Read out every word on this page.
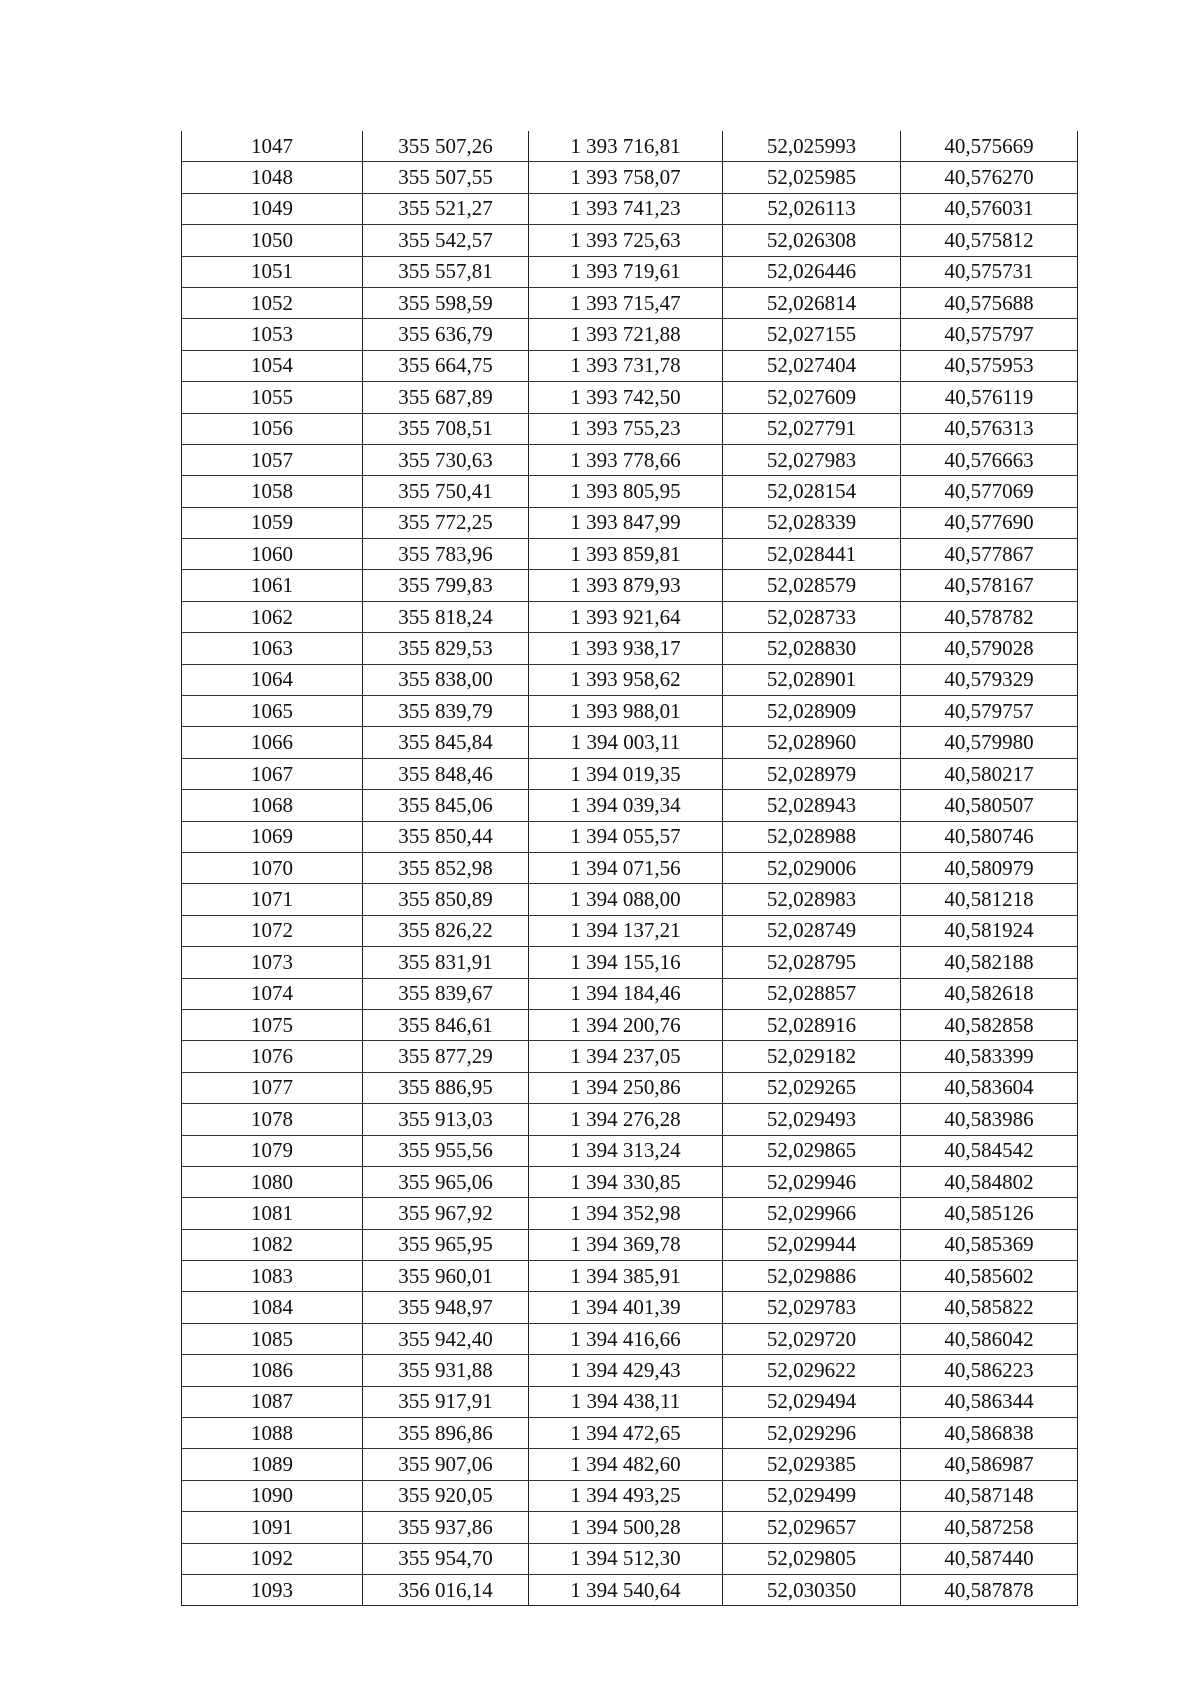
1047	355 507,26	1 393 716,81	52,025993	40,575669
1048	355 507,55	1 393 758,07	52,025985	40,576270
1049	355 521,27	1 393 741,23	52,026113	40,576031
1050	355 542,57	1 393 725,63	52,026308	40,575812
1051	355 557,81	1 393 719,61	52,026446	40,575731
1052	355 598,59	1 393 715,47	52,026814	40,575688
1053	355 636,79	1 393 721,88	52,027155	40,575797
1054	355 664,75	1 393 731,78	52,027404	40,575953
1055	355 687,89	1 393 742,50	52,027609	40,576119
1056	355 708,51	1 393 755,23	52,027791	40,576313
1057	355 730,63	1 393 778,66	52,027983	40,576663
1058	355 750,41	1 393 805,95	52,028154	40,577069
1059	355 772,25	1 393 847,99	52,028339	40,577690
1060	355 783,96	1 393 859,81	52,028441	40,577867
1061	355 799,83	1 393 879,93	52,028579	40,578167
1062	355 818,24	1 393 921,64	52,028733	40,578782
1063	355 829,53	1 393 938,17	52,028830	40,579028
1064	355 838,00	1 393 958,62	52,028901	40,579329
1065	355 839,79	1 393 988,01	52,028909	40,579757
1066	355 845,84	1 394 003,11	52,028960	40,579980
1067	355 848,46	1 394 019,35	52,028979	40,580217
1068	355 845,06	1 394 039,34	52,028943	40,580507
1069	355 850,44	1 394 055,57	52,028988	40,580746
1070	355 852,98	1 394 071,56	52,029006	40,580979
1071	355 850,89	1 394 088,00	52,028983	40,581218
1072	355 826,22	1 394 137,21	52,028749	40,581924
1073	355 831,91	1 394 155,16	52,028795	40,582188
1074	355 839,67	1 394 184,46	52,028857	40,582618
1075	355 846,61	1 394 200,76	52,028916	40,582858
1076	355 877,29	1 394 237,05	52,029182	40,583399
1077	355 886,95	1 394 250,86	52,029265	40,583604
1078	355 913,03	1 394 276,28	52,029493	40,583986
1079	355 955,56	1 394 313,24	52,029865	40,584542
1080	355 965,06	1 394 330,85	52,029946	40,584802
1081	355 967,92	1 394 352,98	52,029966	40,585126
1082	355 965,95	1 394 369,78	52,029944	40,585369
1083	355 960,01	1 394 385,91	52,029886	40,585602
1084	355 948,97	1 394 401,39	52,029783	40,585822
1085	355 942,40	1 394 416,66	52,029720	40,586042
1086	355 931,88	1 394 429,43	52,029622	40,586223
1087	355 917,91	1 394 438,11	52,029494	40,586344
1088	355 896,86	1 394 472,65	52,029296	40,586838
1089	355 907,06	1 394 482,60	52,029385	40,586987
1090	355 920,05	1 394 493,25	52,029499	40,587148
1091	355 937,86	1 394 500,28	52,029657	40,587258
1092	355 954,70	1 394 512,30	52,029805	40,587440
1093	356 016,14	1 394 540,64	52,030350	40,587878
